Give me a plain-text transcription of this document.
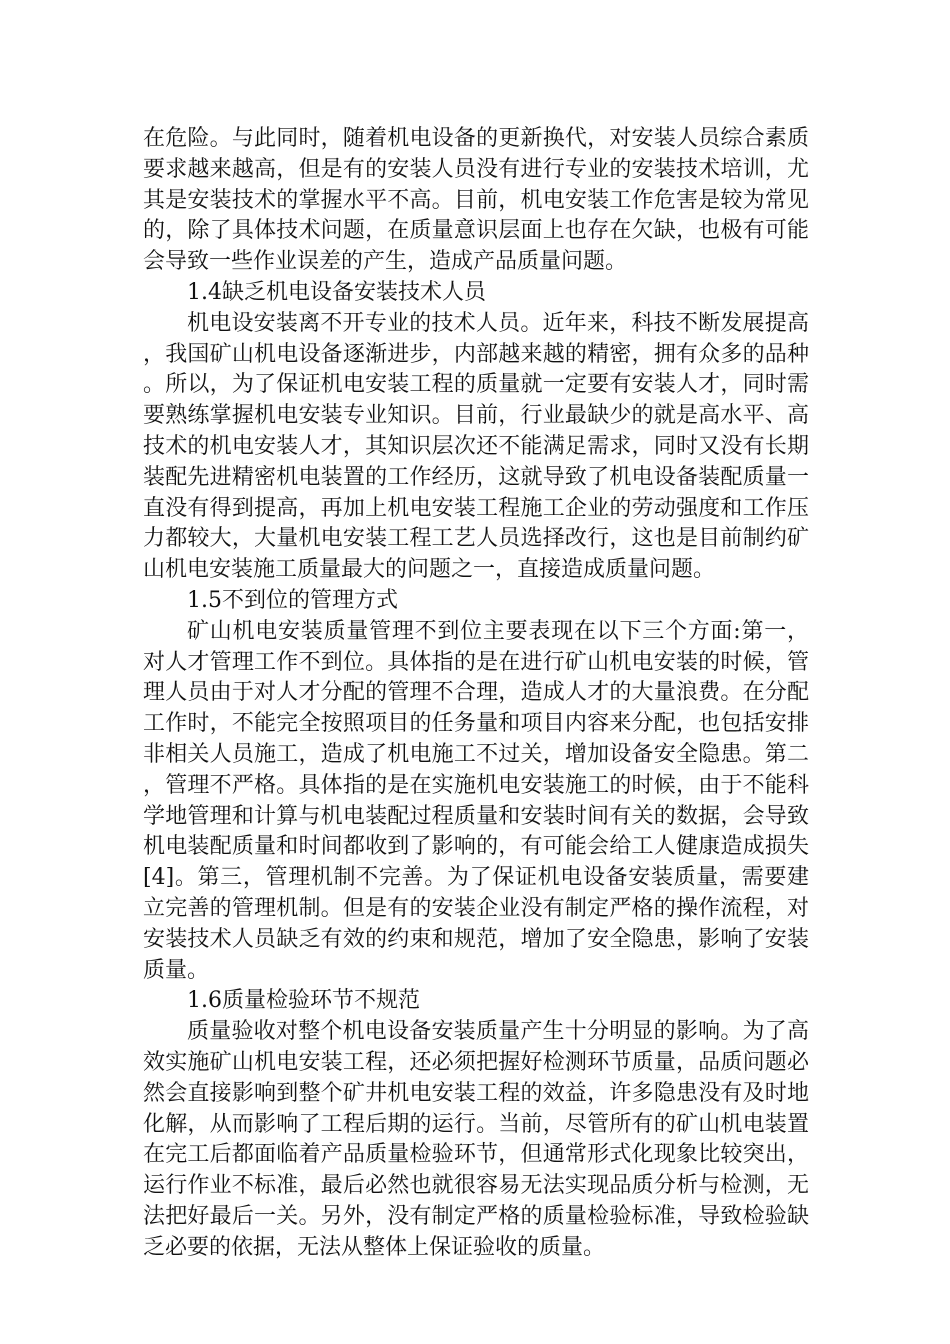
在危险。与此同时，随着机电设备的更新换代，对安装人员综合素质要求越来越高，但是有的安装人员没有进行专业的安装技术培训，尤其是安装技术的掌握水平不高。目前，机电安装工作危害是较为常见的，除了具体技术问题，在质量意识层面上也存在欠缺，也极有可能会导致一些作业误差的产生，造成产品质量问题。

1.4缺乏机电设备安装技术人员

机电设安装离不开专业的技术人员。近年来，科技不断发展提高，我国矿山机电设备逐渐进步，内部越来越的精密，拥有众多的品种。所以，为了保证机电安装工程的质量就一定要有安装人才，同时需要熟练掌握机电安装专业知识。目前，行业最缺少的就是高水平、高技术的机电安装人才，其知识层次还不能满足需求，同时又没有长期装配先进精密机电装置的工作经历，这就导致了机电设备装配质量一直没有得到提高，再加上机电安装工程施工企业的劳动强度和工作压力都较大，大量机电安装工程工艺人员选择改行，这也是目前制约矿山机电安装施工质量最大的问题之一，直接造成质量问题。

1.5不到位的管理方式

矿山机电安装质量管理不到位主要表现在以下三个方面:第一，对人才管理工作不到位。具体指的是在进行矿山机电安装的时候，管理人员由于对人才分配的管理不合理，造成人才的大量浪费。在分配工作时，不能完全按照项目的任务量和项目内容来分配，也包括安排非相关人员施工，造成了机电施工不过关，增加设备安全隐患。第二，管理不严格。具体指的是在实施机电安装施工的时候，由于不能科学地管理和计算与机电装配过程质量和安装时间有关的数据，会导致机电装配质量和时间都收到了影响的，有可能会给工人健康造成损失[4]。第三，管理机制不完善。为了保证机电设备安装质量，需要建立完善的管理机制。但是有的安装企业没有制定严格的操作流程，对安装技术人员缺乏有效的约束和规范，增加了安全隐患，影响了安装质量。

1.6质量检验环节不规范

质量验收对整个机电设备安装质量产生十分明显的影响。为了高效实施矿山机电安装工程，还必须把握好检测环节质量，品质问题必然会直接影响到整个矿井机电安装工程的效益，许多隐患没有及时地化解，从而影响了工程后期的运行。当前，尽管所有的矿山机电装置在完工后都面临着产品质量检验环节，但通常形式化现象比较突出，运行作业不标准，最后必然也就很容易无法实现品质分析与检测，无法把好最后一关。另外，没有制定严格的质量检验标准，导致检验缺乏必要的依据，无法从整体上保证验收的质量。
